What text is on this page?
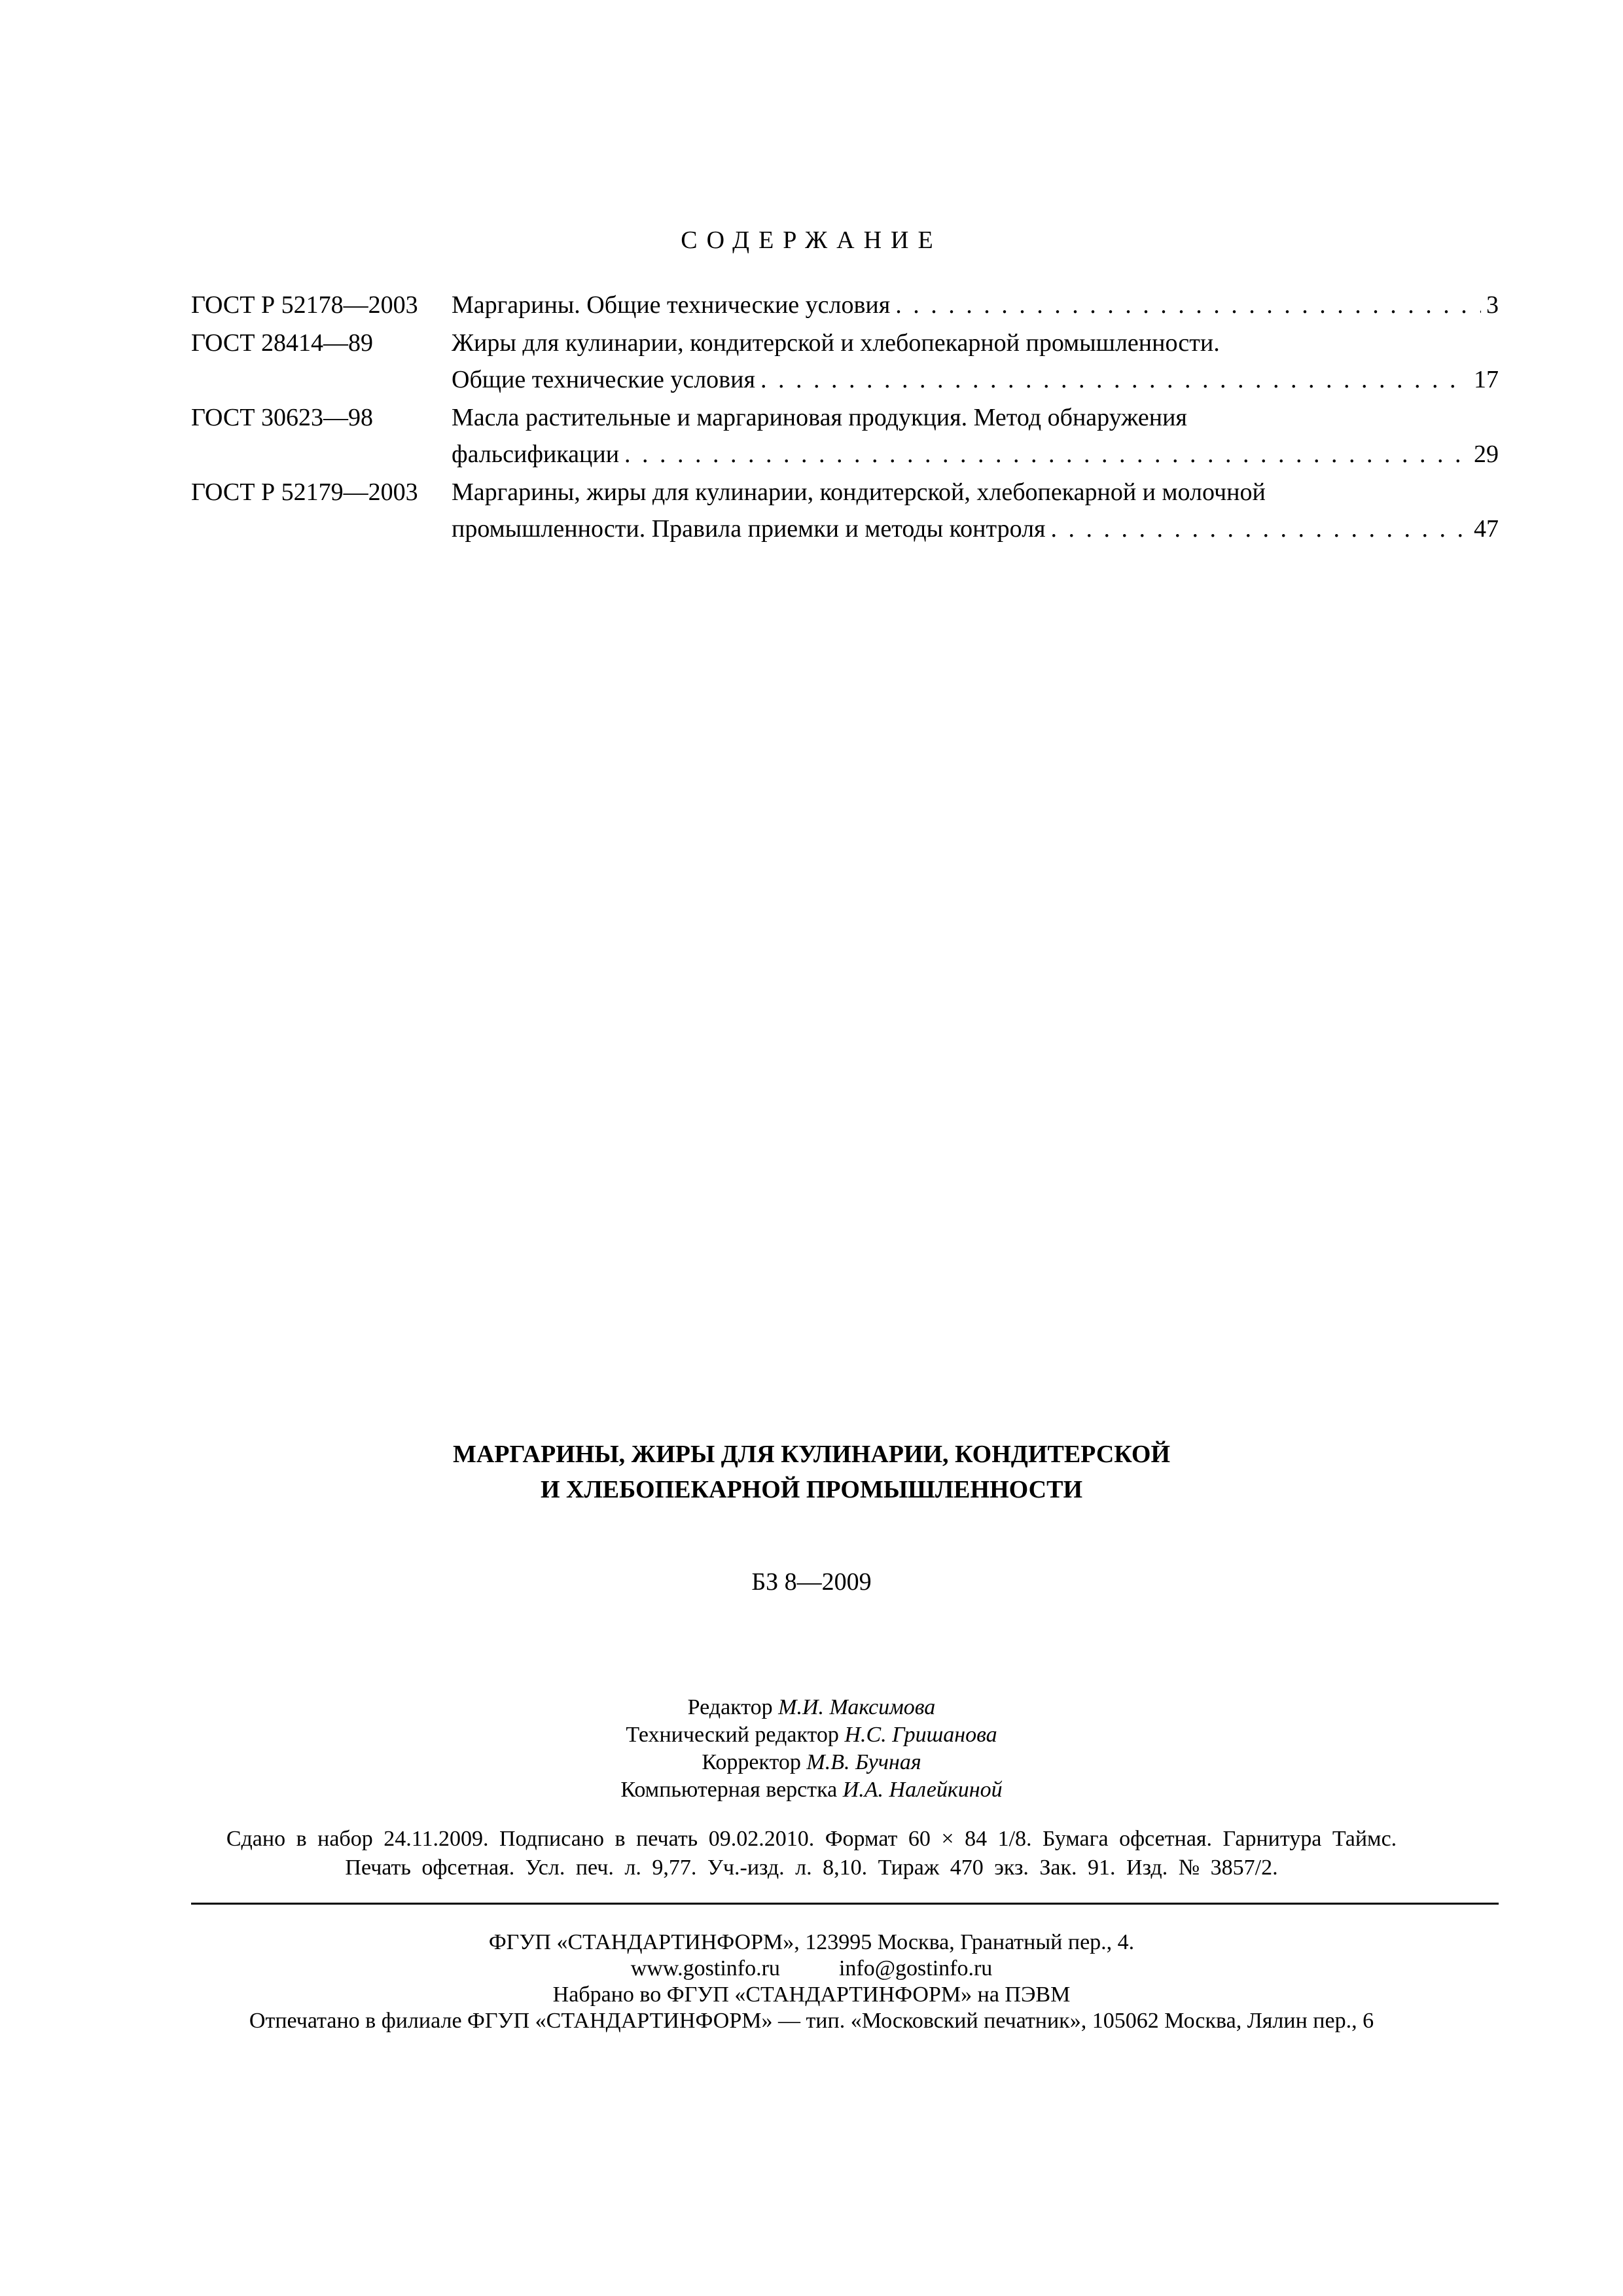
СОДЕРЖАНИЕ
ГОСТ Р 52178—2003 Маргарины. Общие технические условия . . .	3
ГОСТ 28414—89	Жиры для кулинарии, кондитерской и хлебопекарной промышленности.
Общие технические условия . . .	17
ГОСТ 30623—98	Масла растительные и маргариновая продукция. Метод обнаружения
фальсификации . . .	29
ГОСТ Р 52179—2003 Маргарины, жиры для кулинарии, кондитерской, хлебопекарной и молочной
промышленности. Правила приемки и методы контроля . . .	47
МАРГАРИНЫ, ЖИРЫ ДЛЯ КУЛИНАРИИ, КОНДИТЕРСКОЙ
И ХЛЕБОПЕКАРНОЙ ПРОМЫШЛЕННОСТИ
БЗ 8—2009
Редактор М.И. Максимова
Технический редактор Н.С. Гришанова
Корректор М.В. Бучная
Компьютерная верстка И.А. Налейкиной
Сдано в набор 24.11.2009. Подписано в печать 09.02.2010. Формат 60 × 84 1/8. Бумага офсетная. Гарнитура Таймс.
Печать офсетная. Усл. печ. л. 9,77. Уч.-изд. л. 8,10. Тираж 470 экз. Зак. 91. Изд. № 3857/2.
ФГУП «СТАНДАРТИНФОРМ», 123995 Москва, Гранатный пер., 4.
www.gostinfo.ru	info@gostinfo.ru
Набрано во ФГУП «СТАНДАРТИНФОРМ» на ПЭВМ
Отпечатано в филиале ФГУП «СТАНДАРТИНФОРМ» — тип. «Московский печатник», 105062 Москва, Лялин пер., 6
